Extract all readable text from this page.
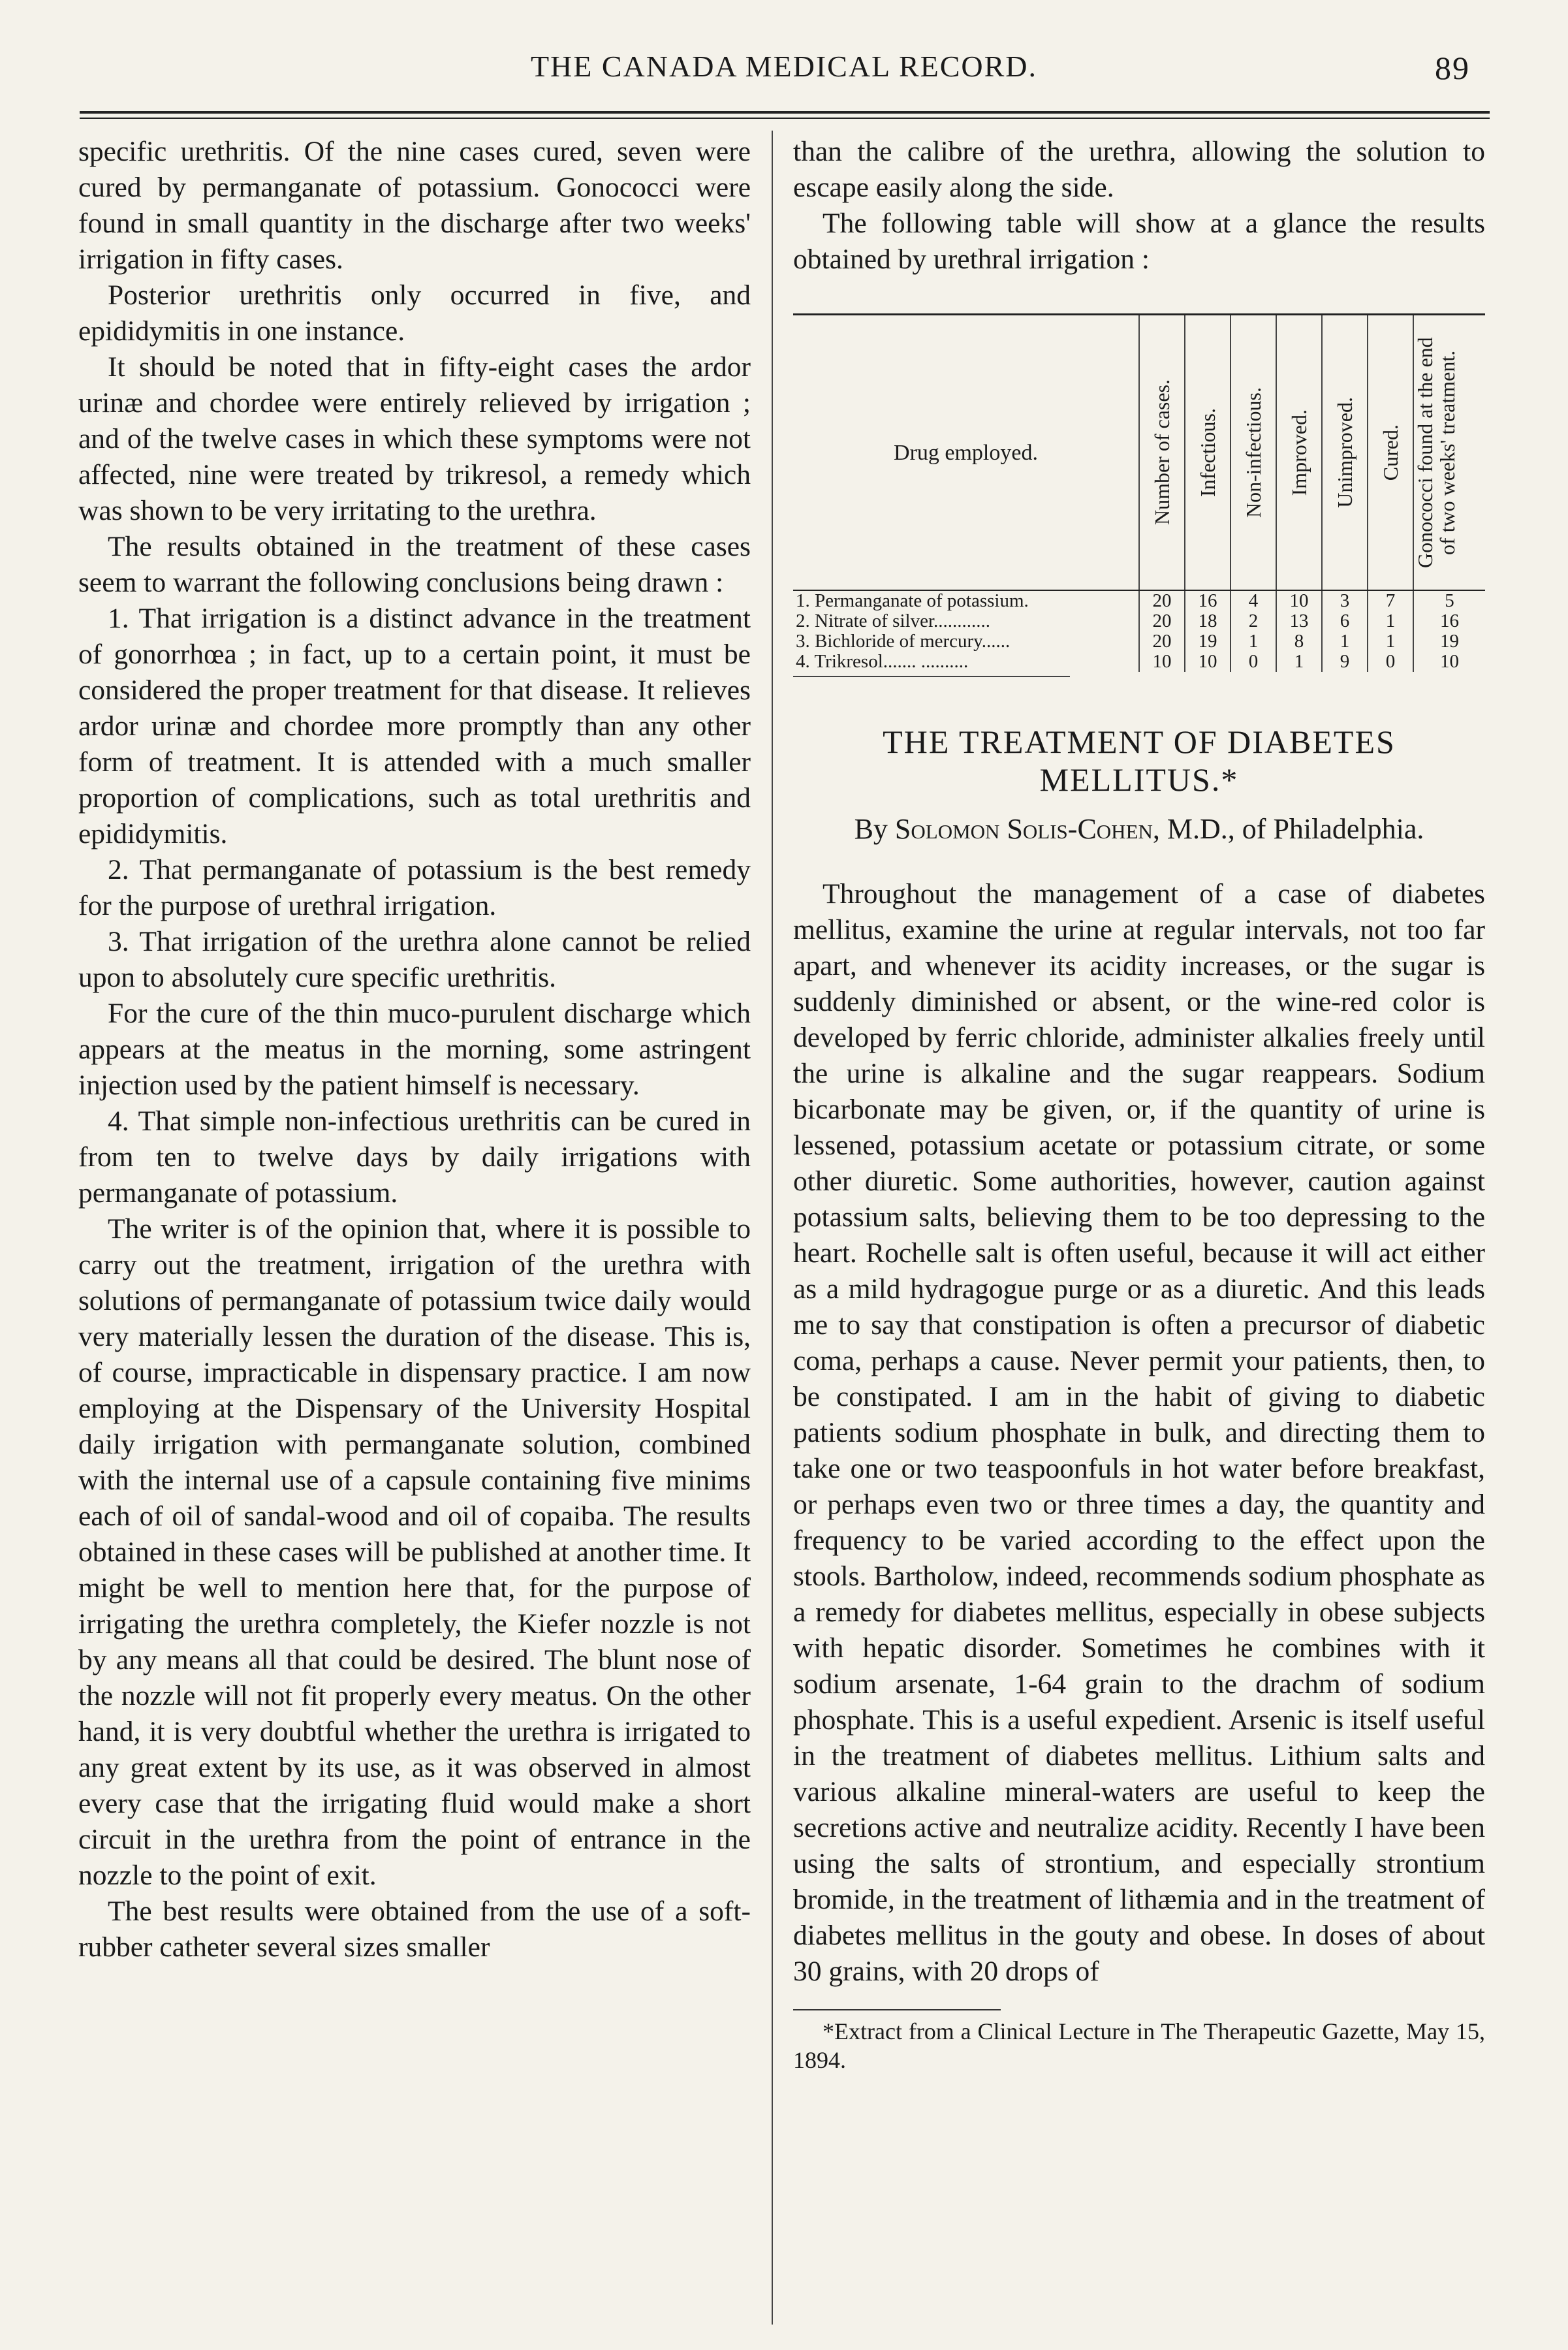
THE CANADA MEDICAL RECORD.	89

specific urethritis. Of the nine cases cured, seven were cured by permanganate of potassium. Gonococci were found in small quantity in the discharge after two weeks' irrigation in fifty cases.

Posterior urethritis only occurred in five, and epididymitis in one instance.

It should be noted that in fifty-eight cases the ardor urinæ and chordee were entirely relieved by irrigation ; and of the twelve cases in which these symptoms were not affected, nine were treated by trikresol, a remedy which was shown to be very irritating to the urethra.

The results obtained in the treatment of these cases seem to warrant the following conclusions being drawn :

1. That irrigation is a distinct advance in the treatment of gonorrhœa ; in fact, up to a certain point, it must be considered the proper treatment for that disease. It relieves ardor urinæ and chordee more promptly than any other form of treatment. It is attended with a much smaller proportion of complications, such as total urethritis and epididymitis.

2. That permanganate of potassium is the best remedy for the purpose of urethral irrigation.

3. That irrigation of the urethra alone cannot be relied upon to absolutely cure specific urethritis.

For the cure of the thin muco-purulent discharge which appears at the meatus in the morning, some astringent injection used by the patient himself is necessary.

4. That simple non-infectious urethritis can be cured in from ten to twelve days by daily irrigations with permanganate of potassium.

The writer is of the opinion that, where it is possible to carry out the treatment, irrigation of the urethra with solutions of permanganate of potassium twice daily would very materially lessen the duration of the disease. This is, of course, impracticable in dispensary practice. I am now employing at the Dispensary of the University Hospital daily irrigation with permanganate solution, combined with the internal use of a capsule containing five minims each of oil of sandal-wood and oil of copaiba. The results obtained in these cases will be published at another time. It might be well to mention here that, for the purpose of irrigating the urethra completely, the Kiefer nozzle is not by any means all that could be desired. The blunt nose of the nozzle will not fit properly every meatus. On the other hand, it is very doubtful whether the urethra is irrigated to any great extent by its use, as it was observed in almost every case that the irrigating fluid would make a short circuit in the urethra from the point of entrance in the nozzle to the point of exit.

The best results were obtained from the use of a soft-rubber catheter several sizes smaller

than the calibre of the urethra, allowing the solution to escape easily along the side.

The following table will show at a glance the results obtained by urethral irrigation :

Drug employed.	Number of cases.	Infectious.	Non-infectious.	Improved.	Unimproved.	Cured.	Gonococci found at the end of two weeks' treatment.

1. Permanganate of potassium.	20	16	4	10	3	7	5
2. Nitrate of silver............	20	18	2	13	6	1	16
3. Bichloride of mercury......	20	19	1	8	1	1	19
4. Trikresol....... ..........	10	10	0	1	9	0	10
THE TREATMENT OF DIABETES MELLITUS.*
By Solomon Solis-Cohen, M.D., of Philadelphia.

Throughout the management of a case of diabetes mellitus, examine the urine at regular intervals, not too far apart, and whenever its acidity increases, or the sugar is suddenly diminished or absent, or the wine-red color is developed by ferric chloride, administer alkalies freely until the urine is alkaline and the sugar reappears. Sodium bicarbonate may be given, or, if the quantity of urine is lessened, potassium acetate or potassium citrate, or some other diuretic. Some authorities, however, caution against potassium salts, believing them to be too depressing to the heart. Rochelle salt is often useful, because it will act either as a mild hydragogue purge or as a diuretic. And this leads me to say that constipation is often a precursor of diabetic coma, perhaps a cause. Never permit your patients, then, to be constipated. I am in the habit of giving to diabetic patients sodium phosphate in bulk, and directing them to take one or two teaspoonfuls in hot water before breakfast, or perhaps even two or three times a day, the quantity and frequency to be varied according to the effect upon the stools. Bartholow, indeed, recommends sodium phosphate as a remedy for diabetes mellitus, especially in obese subjects with hepatic disorder. Sometimes he combines with it sodium arsenate, 1-64 grain to the drachm of sodium phosphate. This is a useful expedient. Arsenic is itself useful in the treatment of diabetes mellitus. Lithium salts and various alkaline mineral-waters are useful to keep the secretions active and neutralize acidity. Recently I have been using the salts of strontium, and especially strontium bromide, in the treatment of lithæmia and in the treatment of diabetes mellitus in the gouty and obese. In doses of about 30 grains, with 20 drops of

*Extract from a Clinical Lecture in The Therapeutic Gazette, May 15, 1894.
